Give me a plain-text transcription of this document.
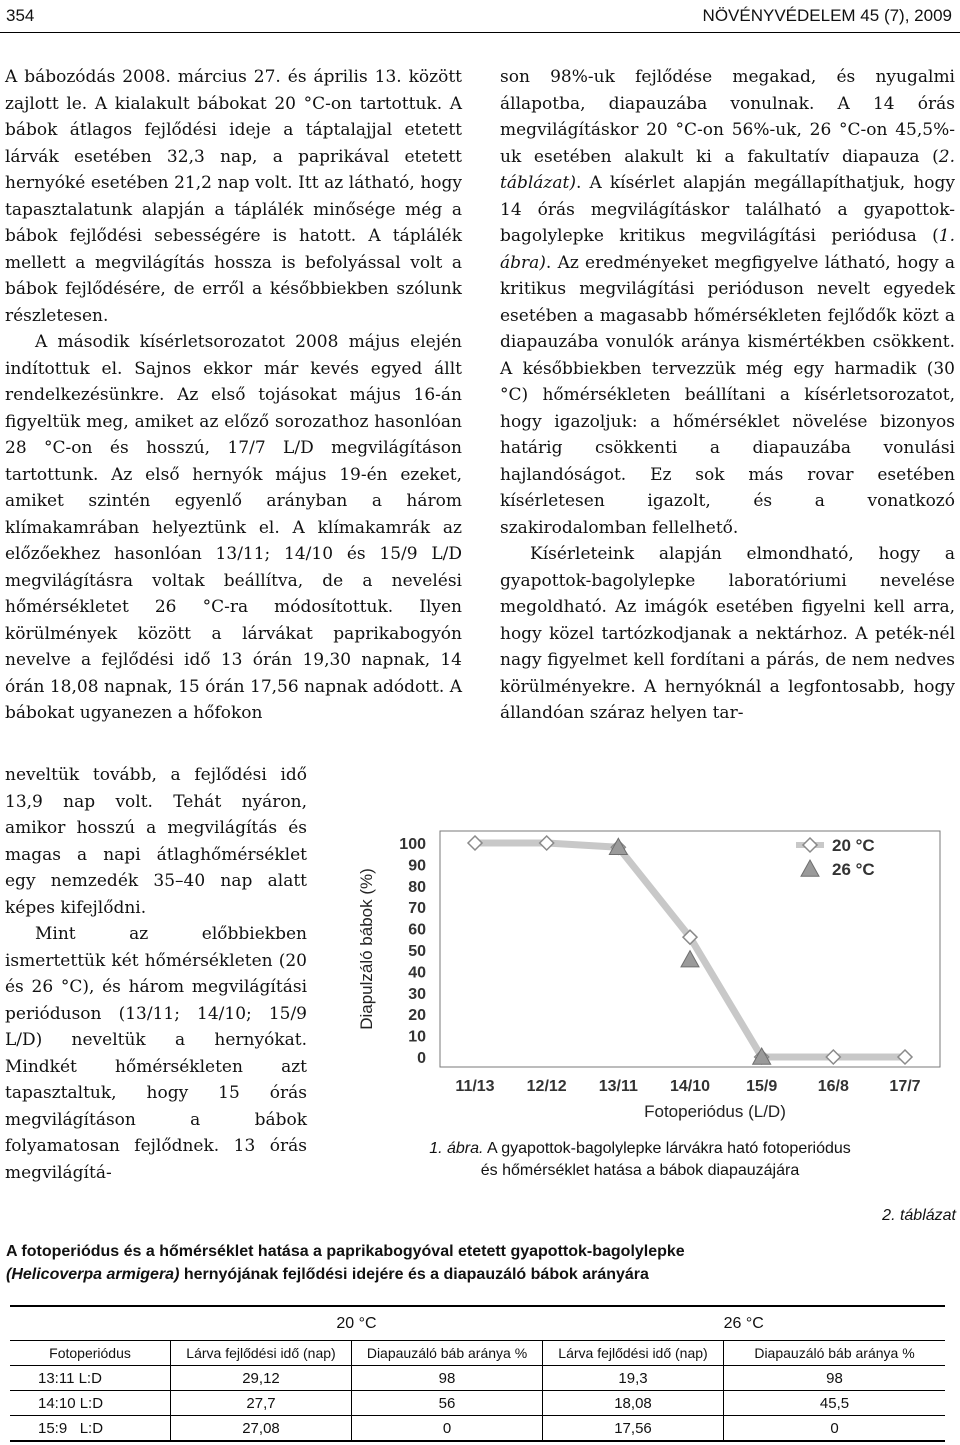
354	NÖVÉNYVÉDELEM 45 (7), 2009

A bábozódás 2008. március 27. és április 13. között zajlott le. A kialakult bábokat 20 °C-on tartottuk. A bábok átlagos fejlődési ideje a táptalajjal etetett lárvák esetében 32,3 nap, a paprikával etetett hernyóké esetében 21,2 nap volt. Itt az látható, hogy tapasztalatunk alapján a táplálék minősége még a bábok fejlődési sebességére is hatott. A táplálék mellett a megvilágítás hossza is befolyással volt a bábok fejlődésére, de erről a későbbiekben szólunk részletesen.

A második kísérletsorozatot 2008 május elején indítottuk el. Sajnos ekkor már kevés egyed állt rendelkezésünkre. Az első tojásokat május 16-án figyeltük meg, amiket az előző sorozathoz hasonlóan 28 °C-on és hosszú, 17/7 L/D megvilágításon tartottunk. Az első hernyók május 19-én ezeket, amiket szintén egyenlő arányban a három klímakamrában helyeztünk el. A klímakamrák az előzőekhez hasonlóan 13/11; 14/10 és 15/9 L/D megvilágításra voltak beállítva, de a nevelési hőmérsékletet 26 °C-ra módosítottuk. Ilyen körülmények között a lárvákat paprikabogyón nevelve a fejlődési idő 13 órán 19,30 napnak, 14 órán 18,08 napnak, 15 órán 17,56 napnak adódott. A bábokat ugyanezen a hőfokon

neveltük tovább, a fejlődési idő 13,9 nap volt. Tehát nyáron, amikor hosszú a megvilágítás és magas a napi átlaghőmérséklet egy nemzedék 35–40 nap alatt képes kifejlődni.

Mint az előbbiekben ismertettük két hőmérsékleten (20 és 26 °C), és három megvilágítási perióduson (13/11; 14/10; 15/9 L/D) neveltük a hernyókat. Mindkét hőmérsékleten azt tapasztaltuk, hogy 15 órás megvilágításon a bábok folyamatosan fejlődnek. 13 órás megvilágítá-

son 98%-uk fejlődése megakad, és nyugalmi állapotba, diapauzába vonulnak. A 14 órás megvilágításkor 20 °C-on 56%-uk, 26 °C-on 45,5%-uk esetében alakult ki a fakultatív diapauza (2. táblázat). A kísérlet alapján megállapíthatjuk, hogy 14 órás megvilágításkor található a gyapottok-bagolylepke kritikus megvilágítási periódusa (1. ábra). Az eredményeket megfigyelve látható, hogy a kritikus megvilágítási perióduson nevelt egyedek esetében a magasabb hőmérsékleten fejlődők közt a diapauzába vonulók aránya kismértékben csökkent. A későbbiekben tervezzük még egy harmadik (30 °C) hőmérsékleten beállítani a kísérletsorozatot, hogy igazoljuk: a hőmérséklet növelése bizonyos határig csökkenti a diapauzába vonulási hajlandóságot. Ez sok más rovar esetében kísérletesen igazolt, és a vonatkozó szakirodalomban fellelhető.

Kísérleteink alapján elmondható, hogy a gyapottok-bagolylepke laboratóriumi nevelése megoldható. Az imágók esetében figyelni kell arra, hogy közel tartózkodjanak a nektárhoz. A peték-nél nagy figyelmet kell fordítani a párás, de nem nedves körülményekre. A hernyóknál a legfontosabb, hogy állandóan száraz helyen tar-

0
10
20
30
40
50
60
70
80
90
100
11/13 12/12 13/11 14/10 15/9	16/8	17/7
20 °C
26 °C
Diapulzáló bábok (%)
Fotoperiódus (L/D)
1. ábra. A gyapottok-bagolylepke lárvákra ható fotoperiódus
és hőmérséklet hatása a bábok diapauzájára
2. táblázat
A fotoperiódus és a hőmérséklet hatása a paprikabogyóval etetett gyapottok-bagolylepke
(Helicoverpa armigera) hernyójának fejlődési idejére és a diapauzáló bábok arányára
	20 °C		26 °C	
Fotoperiódus	Lárva fejlődési idő (nap)	Diapauzáló báb aránya %	Lárva fejlődési idő (nap)	Diapauzáló báb aránya %
13:11 L:D	29,12	98	19,3	98
14:10 L:D	27,7	56	18,08	45,5
15:9   L:D	27,08	0	17,56	0
